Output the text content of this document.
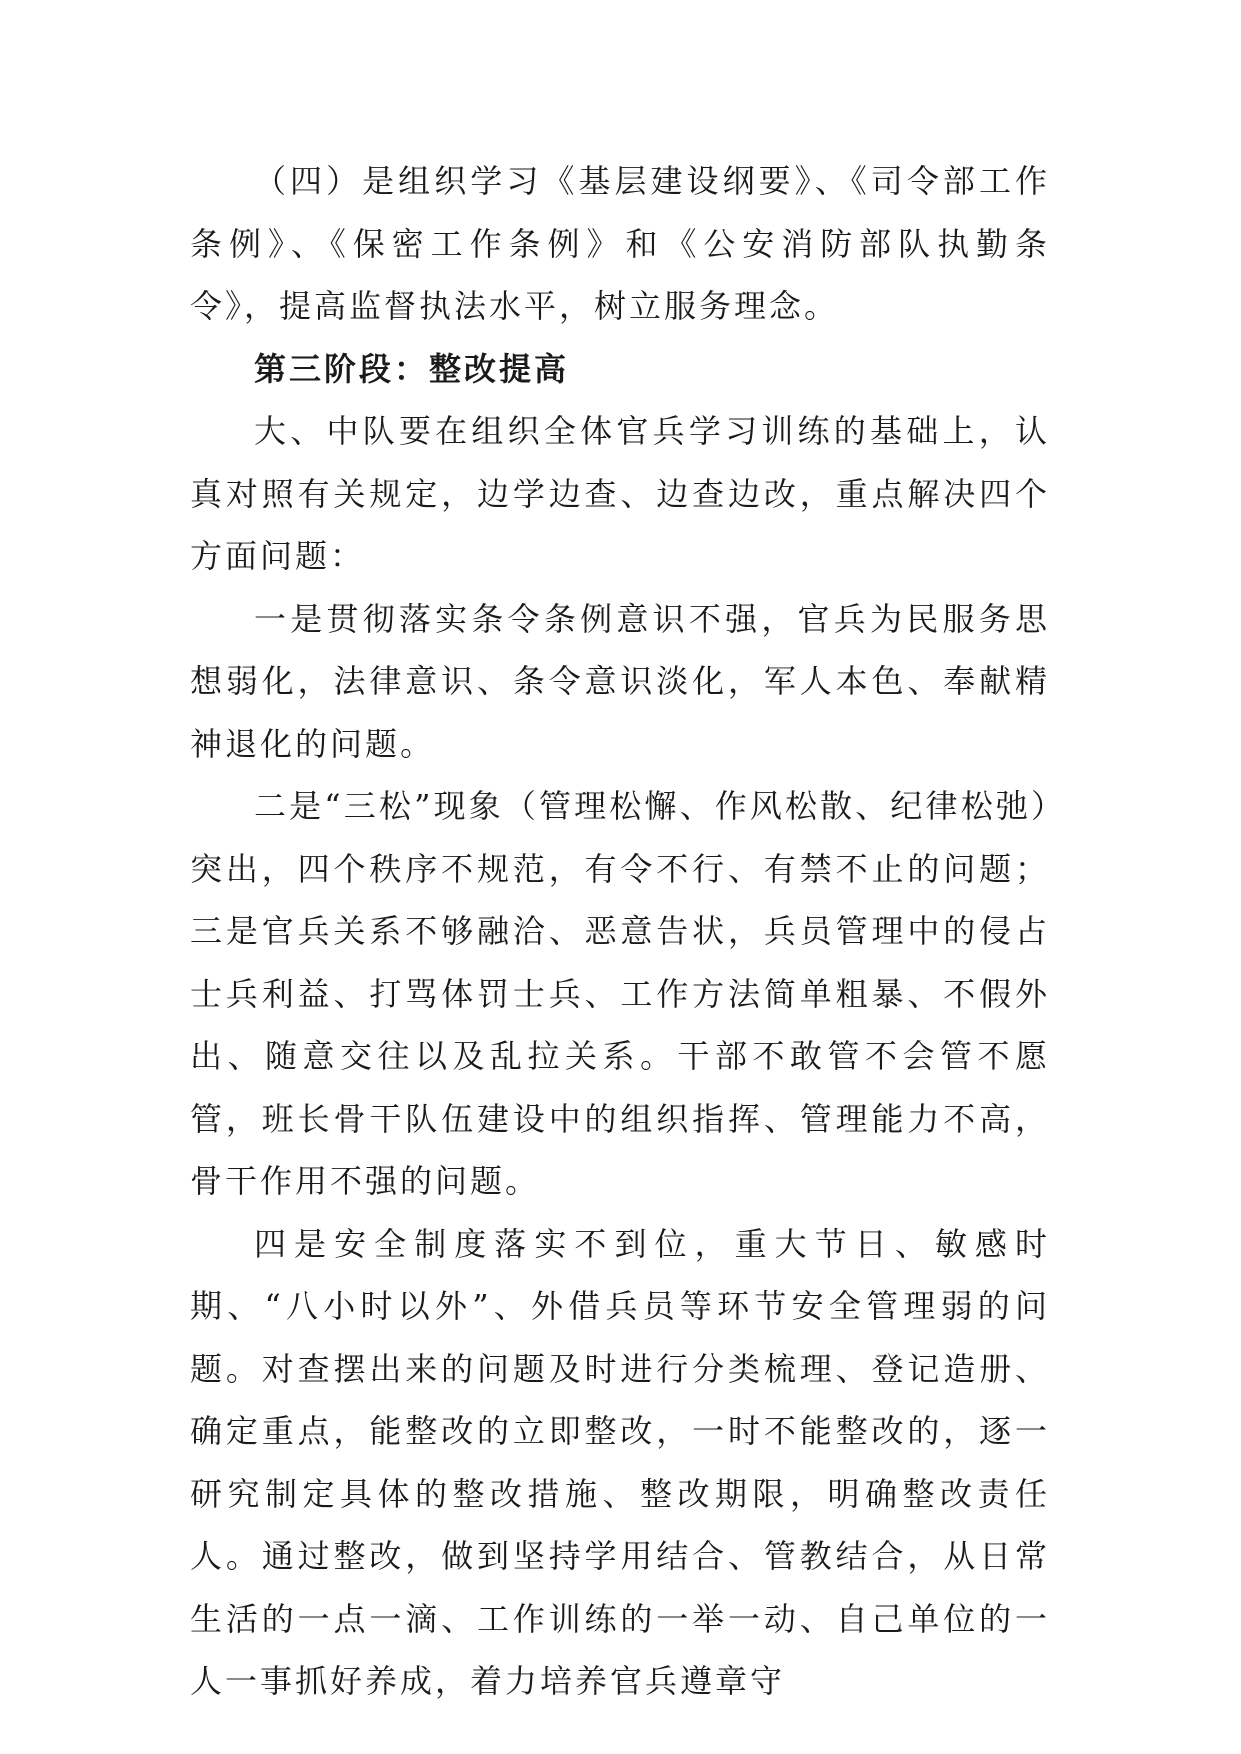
（四）是组织学习《基层建设纲要》、《司令部工作条例》、《保密工作条例》和《公安消防部队执勤条令》，提高监督执法水平，树立服务理念。

第三阶段：整改提高

大、中队要在组织全体官兵学习训练的基础上，认真对照有关规定，边学边查、边查边改，重点解决四个方面问题：

一是贯彻落实条令条例意识不强，官兵为民服务思想弱化，法律意识、条令意识淡化，军人本色、奉献精神退化的问题。

二是“三松”现象（管理松懈、作风松散、纪律松弛）突出，四个秩序不规范，有令不行、有禁不止的问题；三是官兵关系不够融洽、恶意告状，兵员管理中的侵占士兵利益、打骂体罚士兵、工作方法简单粗暴、不假外出、随意交往以及乱拉关系。干部不敢管不会管不愿管，班长骨干队伍建设中的组织指挥、管理能力不高，骨干作用不强的问题。

四是安全制度落实不到位，重大节日、敏感时期、“八小时以外”、外借兵员等环节安全管理弱的问题。对查摆出来的问题及时进行分类梳理、登记造册、确定重点，能整改的立即整改，一时不能整改的，逐一研究制定具体的整改措施、整改期限，明确整改责任人。通过整改，做到坚持学用结合、管教结合，从日常生活的一点一滴、工作训练的一举一动、自己单位的一人一事抓好养成，着力培养官兵遵章守
